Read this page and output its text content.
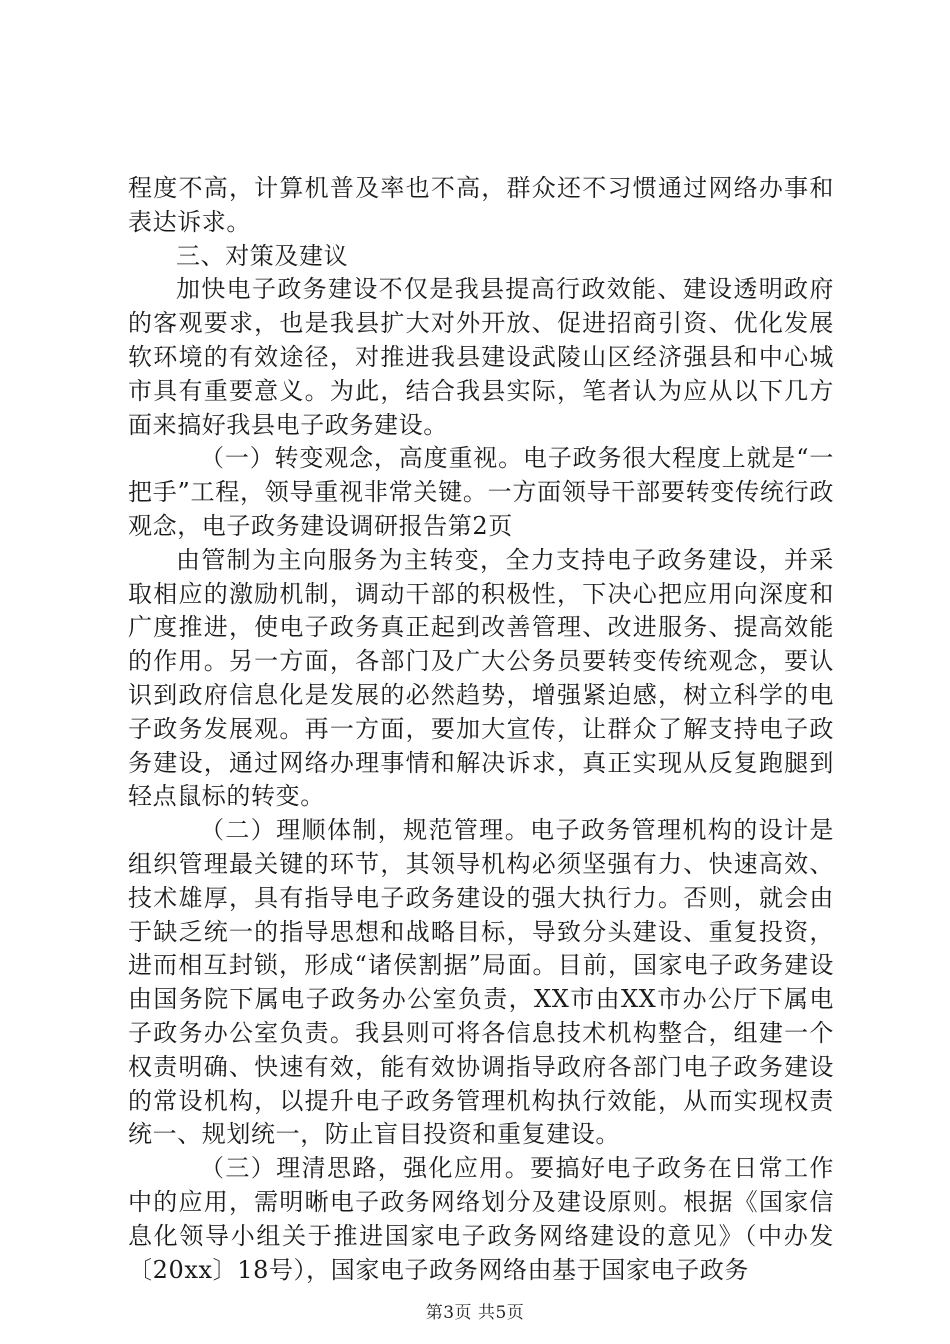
程度不高，计算机普及率也不高，群众还不习惯通过网络办事和表达诉求。

三、对策及建议

加快电子政务建设不仅是我县提高行政效能、建设透明政府的客观要求，也是我县扩大对外开放、促进招商引资、优化发展软环境的有效途径，对推进我县建设武陵山区经济强县和中心城市具有重要意义。为此，结合我县实际，笔者认为应从以下几方面来搞好我县电子政务建设。

（一）转变观念，高度重视。电子政务很大程度上就是“一把手”工程，领导重视非常关键。一方面领导干部要转变传统行政观念，电子政务建设调研报告第2页

由管制为主向服务为主转变，全力支持电子政务建设，并采取相应的激励机制，调动干部的积极性，下决心把应用向深度和广度推进，使电子政务真正起到改善管理、改进服务、提高效能的作用。另一方面，各部门及广大公务员要转变传统观念，要认识到政府信息化是发展的必然趋势，增强紧迫感，树立科学的电子政务发展观。再一方面，要加大宣传，让群众了解支持电子政务建设，通过网络办理事情和解决诉求，真正实现从反复跑腿到轻点鼠标的转变。

（二）理顺体制，规范管理。电子政务管理机构的设计是组织管理最关键的环节，其领导机构必须坚强有力、快速高效、技术雄厚，具有指导电子政务建设的强大执行力。否则，就会由于缺乏统一的指导思想和战略目标，导致分头建设、重复投资，进而相互封锁，形成“诸侯割据”局面。目前，国家电子政务建设由国务院下属电子政务办公室负责，XX市由XX市办公厅下属电子政务办公室负责。我县则可将各信息技术机构整合，组建一个权责明确、快速有效，能有效协调指导政府各部门电子政务建设的常设机构，以提升电子政务管理机构执行效能，从而实现权责统一、规划统一，防止盲目投资和重复建设。

（三）理清思路，强化应用。要搞好电子政务在日常工作中的应用，需明晰电子政务网络划分及建设原则。根据《国家信息化领导小组关于推进国家电子政务网络建设的意见》（中办发〔20xx〕18号），国家电子政务网络由基于国家电子政务

第3页 共5页
